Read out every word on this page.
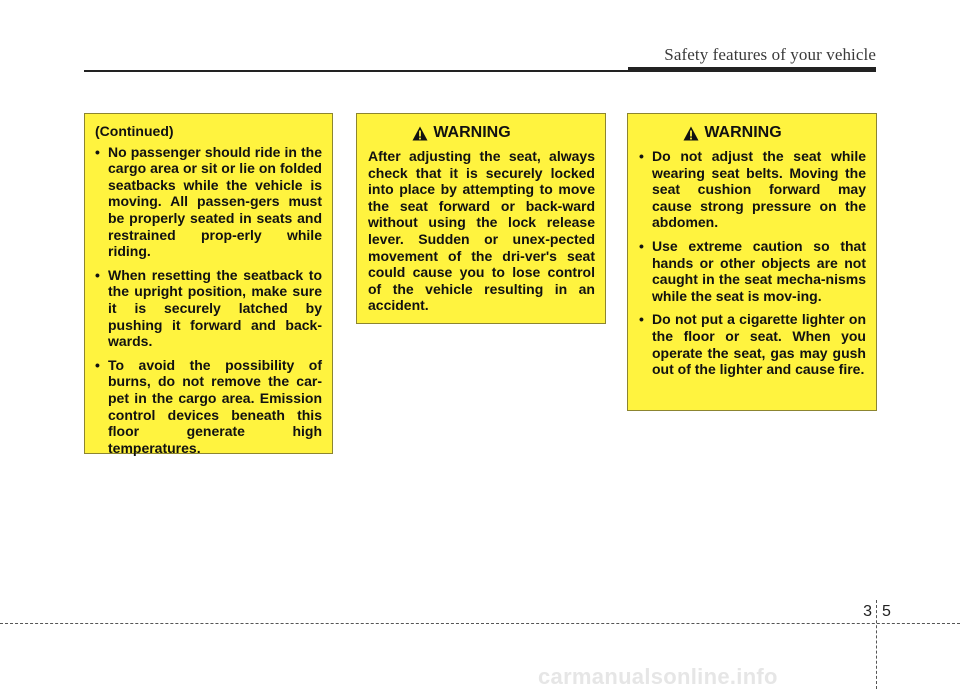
Safety features of your vehicle
(Continued)
• No passenger should ride in the cargo area or sit or lie on folded seatbacks while the vehicle is moving. All passen-gers must be properly seated in seats and restrained prop-erly while riding.
• When resetting the seatback to the upright position, make sure it is securely latched by pushing it forward and back-wards.
• To avoid the possibility of burns, do not remove the car-pet in the cargo area. Emission control devices beneath this floor generate high temperatures.
WARNING

After adjusting the seat, always check that it is securely locked into place by attempting to move the seat forward or back-ward without using the lock release lever. Sudden or unex-pected movement of the dri-ver's seat could cause you to lose control of the vehicle resulting in an accident.

WARNING
• Do not adjust the seat while wearing seat belts. Moving the seat cushion forward may cause strong pressure on the abdomen.
• Use extreme caution so that hands or other objects are not caught in the seat mecha-nisms while the seat is mov-ing.
• Do not put a cigarette lighter on the floor or seat. When you operate the seat, gas may gush out of the lighter and cause fire.
3 5
carmanualsonline.info
